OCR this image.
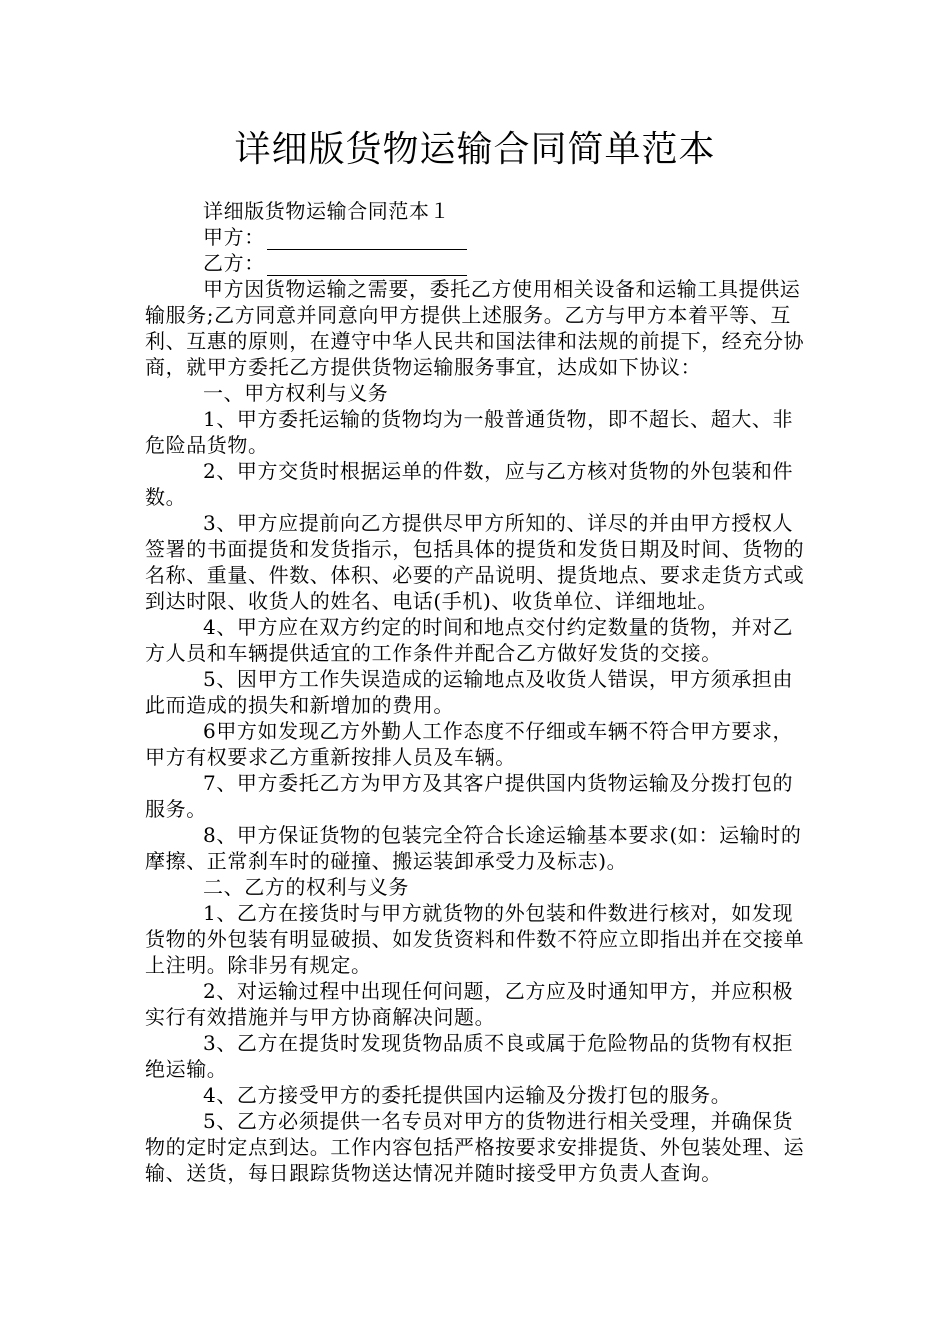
详细版货物运输合同简单范本

详细版货物运输合同范本１

甲方：

乙方：

甲方因货物运输之需要，委托乙方使用相关设备和运输工具提供运输服务;乙方同意并同意向甲方提供上述服务。乙方与甲方本着平等、互利、互惠的原则，在遵守中华人民共和国法律和法规的前提下，经充分协商，就甲方委托乙方提供货物运输服务事宜，达成如下协议：

一、甲方权利与义务

1、甲方委托运输的货物均为一般普通货物，即不超长、超大、非危险品货物。

2、甲方交货时根据运单的件数，应与乙方核对货物的外包装和件数。

3、甲方应提前向乙方提供尽甲方所知的、详尽的并由甲方授权人签署的书面提货和发货指示，包括具体的提货和发货日期及时间、货物的名称、重量、件数、体积、必要的产品说明、提货地点、要求走货方式或到达时限、收货人的姓名、电话(手机)、收货单位、详细地址。

4、甲方应在双方约定的时间和地点交付约定数量的货物，并对乙方人员和车辆提供适宜的工作条件并配合乙方做好发货的交接。

5、因甲方工作失误造成的运输地点及收货人错误，甲方须承担由此而造成的损失和新增加的费用。

6甲方如发现乙方外勤人工作态度不仔细或车辆不符合甲方要求，甲方有权要求乙方重新按排人员及车辆。

7、甲方委托乙方为甲方及其客户提供国内货物运输及分拨打包的服务。

8、甲方保证货物的包装完全符合长途运输基本要求(如：运输时的摩擦、正常刹车时的碰撞、搬运装卸承受力及标志)。

二、乙方的权利与义务

1、乙方在接货时与甲方就货物的外包装和件数进行核对，如发现货物的外包装有明显破损、如发货资料和件数不符应立即指出并在交接单上注明。除非另有规定。

2、对运输过程中出现任何问题，乙方应及时通知甲方，并应积极实行有效措施并与甲方协商解决问题。

3、乙方在提货时发现货物品质不良或属于危险物品的货物有权拒绝运输。

4、乙方接受甲方的委托提供国内运输及分拨打包的服务。

5、乙方必须提供一名专员对甲方的货物进行相关受理，并确保货物的定时定点到达。工作内容包括严格按要求安排提货、外包装处理、运输、送货，每日跟踪货物送达情况并随时接受甲方负责人查询。
